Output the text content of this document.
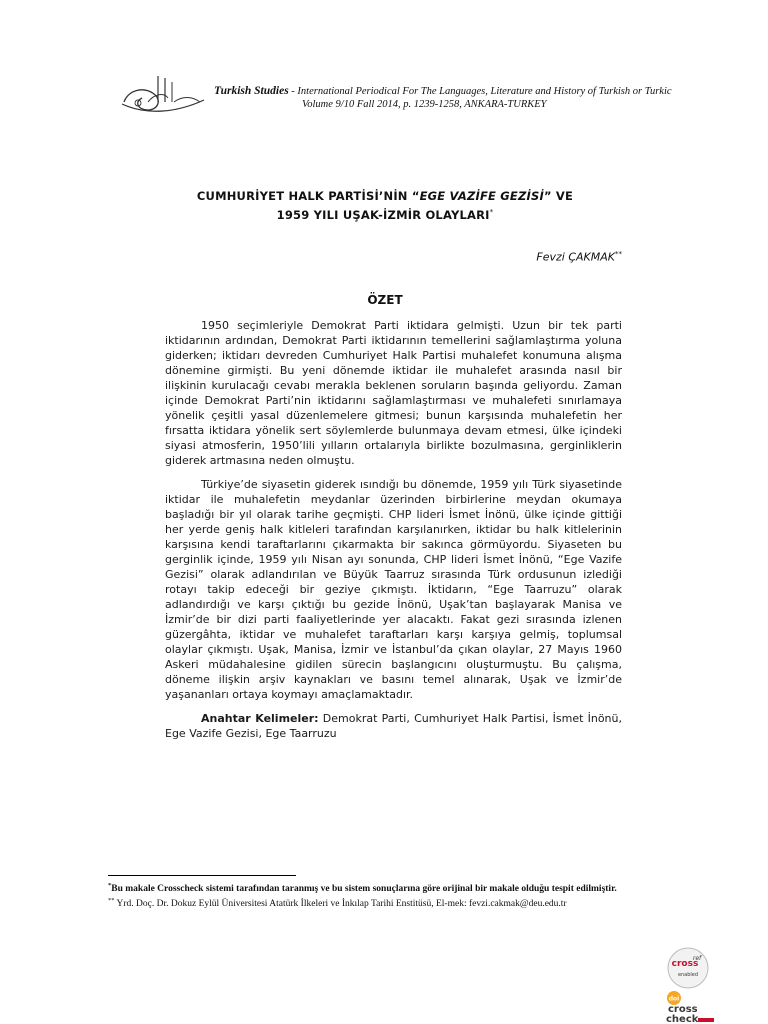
Turkish Studies - International Periodical For The Languages, Literature and History of Turkish or Turkic
Volume 9/10 Fall 2014, p. 1239-1258, ANKARA-TURKEY
CUMHURİYET HALK PARTİSİ’NİN “EGE VAZİFE GEZİSİ” VE
1959 YILI UŞAK-İZMİR OLAYLARI*
Fevzi ÇAKMAK**
ÖZET

1950 seçimleriyle Demokrat Parti iktidara gelmişti. Uzun bir tek parti iktidarının ardından, Demokrat Parti iktidarının temellerini sağlamlaştırma yoluna giderken; iktidarı devreden Cumhuriyet Halk Partisi muhalefet konumuna alışma dönemine girmişti. Bu yeni dönemde iktidar ile muhalefet arasında nasıl bir ilişkinin kurulacağı cevabı merakla beklenen soruların başında geliyordu. Zaman içinde Demokrat Parti’nin iktidarını sağlamlaştırması ve muhalefeti sınırlamaya yönelik çeşitli yasal düzenlemelere gitmesi; bunun karşısında muhalefetin her fırsatta iktidara yönelik sert söylemlerde bulunmaya devam etmesi, ülke içindeki siyasi atmosferin, 1950’lili yılların ortalarıyla birlikte bozulmasına, gerginliklerin giderek artmasına neden olmuştu.

Türkiye’de siyasetin giderek ısındığı bu dönemde, 1959 yılı Türk siyasetinde iktidar ile muhalefetin meydanlar üzerinden birbirlerine meydan okumaya başladığı bir yıl olarak tarihe geçmişti. CHP lideri İsmet İnönü, ülke içinde gittiği her yerde geniş halk kitleleri tarafından karşılanırken, iktidar bu halk kitlelerinin karşısına kendi taraftarlarını çıkarmakta bir sakınca görmüyordu. Siyaseten bu gerginlik içinde, 1959 yılı Nisan ayı sonunda, CHP lideri İsmet İnönü, “Ege Vazife Gezisi” olarak adlandırılan ve Büyük Taarruz sırasında Türk ordusunun izlediği rotayı takip edeceği bir geziye çıkmıştı. İktidarın, “Ege Taarruzu” olarak adlandırdığı ve karşı çıktığı bu gezide İnönü, Uşak’tan başlayarak Manisa ve İzmir’de bir dizi parti faaliyetlerinde yer alacaktı. Fakat gezi sırasında izlenen güzergâhta, iktidar ve muhalefet taraftarları karşı karşıya gelmiş, toplumsal olaylar çıkmıştı. Uşak, Manisa, İzmir ve İstanbul’da çıkan olaylar, 27 Mayıs 1960 Askeri müdahalesine gidilen sürecin başlangıcını oluşturmuştu. Bu çalışma, döneme ilişkin arşiv kaynakları ve basını temel alınarak, Uşak ve İzmir’de yaşananları ortaya koymayı amaçlamaktadır.

Anahtar Kelimeler: Demokrat Parti, Cumhuriyet Halk Partisi, İsmet İnönü, Ege Vazife Gezisi, Ege Taarruzu

*Bu makale Crosscheck sistemi tarafından taranmış ve bu sistem sonuçlarına göre orijinal bir makale olduğu tespit edilmiştir.
** Yrd. Doç. Dr. Dokuz Eylül Üniversitesi Atatürk İlkeleri ve İnkılap Tarihi Enstitüsü, El-mek: fevzi.cakmak@deu.edu.tr
cross
ref
enabled
doi
cross
check
